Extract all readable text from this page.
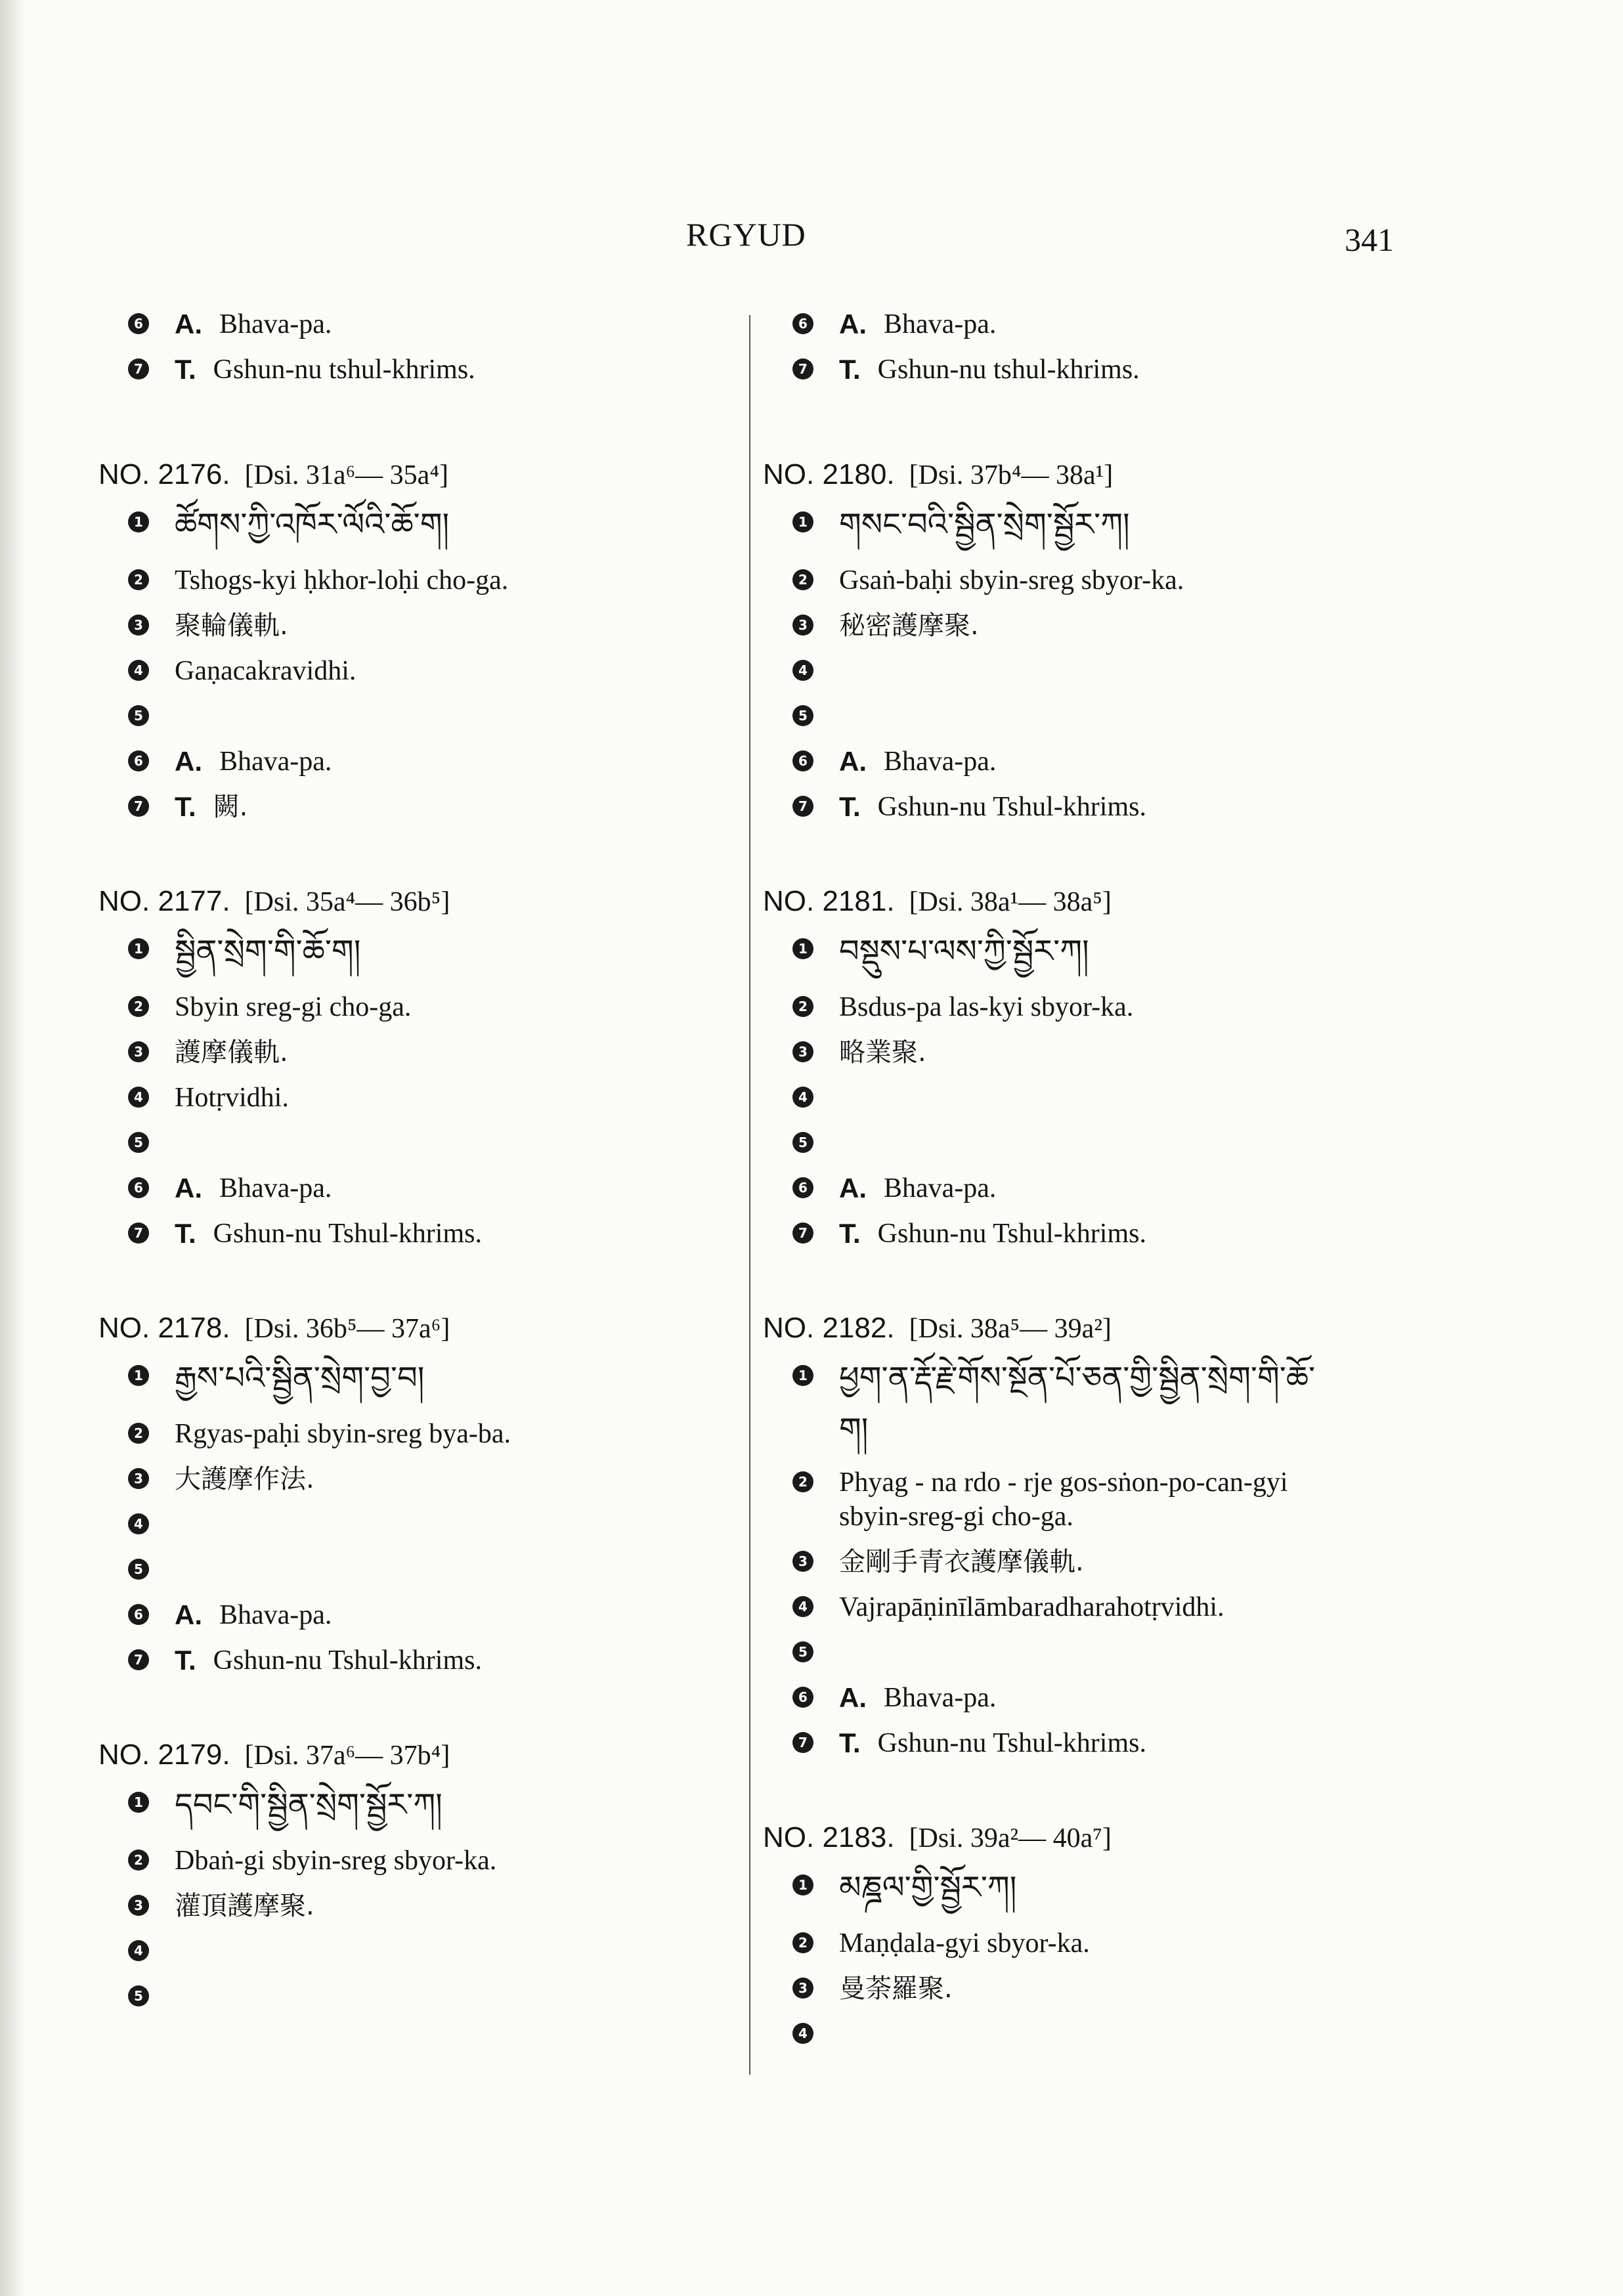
RGYUD	341
6 A. Bhava-pa.
7 T. Gshun-nu tshul-khrims.
NO. 2176. [Dsi. 31a⁶— 35a⁴]
1 ཚོགས་ཀྱི་འཁོར་ལོའི་ཆོ་ག།
2 Tshogs-kyi ḥkhor-loḥi cho-ga.
3 聚輪儀軌.
4 Gaṇacakravidhi.
5
6 A. Bhava-pa.
7 T. 闕.
NO. 2177. [Dsi. 35a⁴— 36b⁵]
1 སྦྱིན་སྲེག་གི་ཆོ་ག།
2 Sbyin sreg-gi cho-ga.
3 護摩儀軌.
4 Hotṛvidhi.
5
6 A. Bhava-pa.
7 T. Gshun-nu Tshul-khrims.
NO. 2178. [Dsi. 36b⁵— 37a⁶]
1 རྒྱས་པའི་སྦྱིན་སྲེག་བྱ་བ།
2 Rgyas-paḥi sbyin-sreg bya-ba.
3 大護摩作法.
4
5
6 A. Bhava-pa.
7 T. Gshun-nu Tshul-khrims.
NO. 2179. [Dsi. 37a⁶— 37b⁴]
1 དབང་གི་སྦྱིན་སྲེག་སྦྱོར་ཀ།
2 Dbaṅ-gi sbyin-sreg sbyor-ka.
3 灌頂護摩聚.
4
5
6 A. Bhava-pa.
7 T. Gshun-nu tshul-khrims.
NO. 2180. [Dsi. 37b⁴— 38a¹]
1 གསང་བའི་སྦྱིན་སྲེག་སྦྱོར་ཀ།
2 Gsaṅ-baḥi sbyin-sreg sbyor-ka.
3 秘密護摩聚.
4
5
6 A. Bhava-pa.
7 T. Gshun-nu Tshul-khrims.
NO. 2181. [Dsi. 38a¹— 38a⁵]
1 བསྡུས་པ་ལས་ཀྱི་སྦྱོར་ཀ།
2 Bsdus-pa las-kyi sbyor-ka.
3 略業聚.
4
5
6 A. Bhava-pa.
7 T. Gshun-nu Tshul-khrims.
NO. 2182. [Dsi. 38a⁵— 39a²]
1 ཕྱག་ན་རྡོ་རྗེ་གོས་སྔོན་པོ་ཅན་གྱི་སྦྱིན་སྲེག་གི་ཆོ་
ག།
2 Phyag - na rdo - rje gos-sṅon-po-can-gyi
sbyin-sreg-gi cho-ga.
3 金剛手青衣護摩儀軌.
4 Vajrapāṇinīlāmbaradharahotṛvidhi.
5
6 A. Bhava-pa.
7 T. Gshun-nu Tshul-khrims.
NO. 2183. [Dsi. 39a²— 40a⁷]
1 མཎྜལ་གྱི་སྦྱོར་ཀ།
2 Maṇḍala-gyi sbyor-ka.
3 曼荼羅聚.
4
